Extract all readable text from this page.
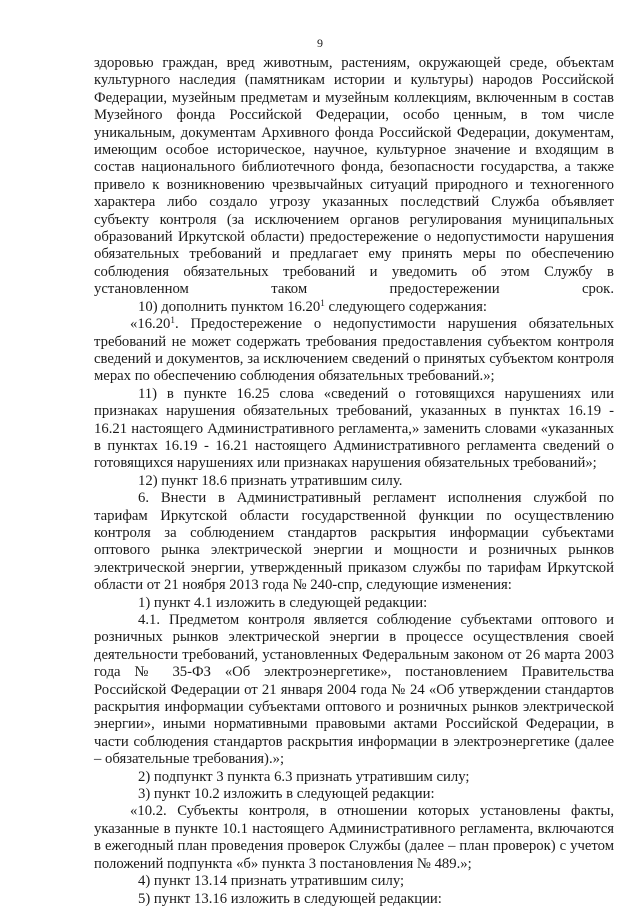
9

здоровью граждан, вред животным, растениям, окружающей среде, объектам культурного наследия (памятникам истории и культуры) народов Российской Федерации, музейным предметам и музейным коллекциям, включенным в состав Музейного фонда Российской Федерации, особо ценным, в том числе уникальным, документам Архивного фонда Российской Федерации, документам, имеющим особое историческое, научное, культурное значение и входящим в состав национального библиотечного фонда, безопасности государства, а также привело к возникновению чрезвычайных ситуаций природного и техногенного характера либо создало угрозу указанных последствий Служба объявляет субъекту контроля (за исключением органов регулирования муниципальных образований Иркутской области) предостережение о недопустимости нарушения обязательных требований и предлагает ему принять меры по обеспечению соблюдения обязательных требований и уведомить об этом Службу в установленном таком предостережении срок.

10) дополнить пунктом 16.20$^1$ следующего содержания:

«16.20$^1$. Предостережение о недопустимости нарушения обязательных требований не может содержать требования предоставления субъектом контроля сведений и документов, за исключением сведений о принятых субъектом контроля мерах по обеспечению соблюдения обязательных требований.»;

11) в пункте 16.25 слова «сведений о готовящихся нарушениях или признаках нарушения обязательных требований, указанных в пунктах 16.19 - 16.21 настоящего Административного регламента,» заменить словами «указанных в пунктах 16.19 - 16.21 настоящего Административного регламента сведений о готовящихся нарушениях или признаках нарушения обязательных требований»;

12) пункт 18.6 признать утратившим силу.

6. Внести в Административный регламент исполнения службой по тарифам Иркутской области государственной функции по осуществлению контроля за соблюдением стандартов раскрытия информации субъектами оптового рынка электрической энергии и мощности и розничных рынков электрической энергии, утвержденный приказом службы по тарифам Иркутской области от 21 ноября 2013 года № 240-спр, следующие изменения:

1) пункт 4.1 изложить в следующей редакции:

4.1. Предметом контроля является соблюдение субъектами оптового и розничных рынков электрической энергии в процессе осуществления своей деятельности требований, установленных Федеральным законом от 26 марта 2003 года № 35-ФЗ «Об электроэнергетике», постановлением Правительства Российской Федерации от 21 января 2004 года № 24 «Об утверждении стандартов раскрытия информации субъектами оптового и розничных рынков электрической энергии», иными нормативными правовыми актами Российской Федерации, в части соблюдения стандартов раскрытия информации в электроэнергетике (далее – обязательные требования).»;

2) подпункт 3 пункта 6.3 признать утратившим силу;

3) пункт 10.2 изложить в следующей редакции:

«10.2. Субъекты контроля, в отношении которых установлены факты, указанные в пункте 10.1 настоящего Административного регламента, включаются в ежегодный план проведения проверок Службы (далее – план проверок) с учетом положений подпункта «б» пункта 3 постановления № 489.»;

4) пункт 13.14 признать утратившим силу;

5) пункт 13.16 изложить в следующей редакции:
